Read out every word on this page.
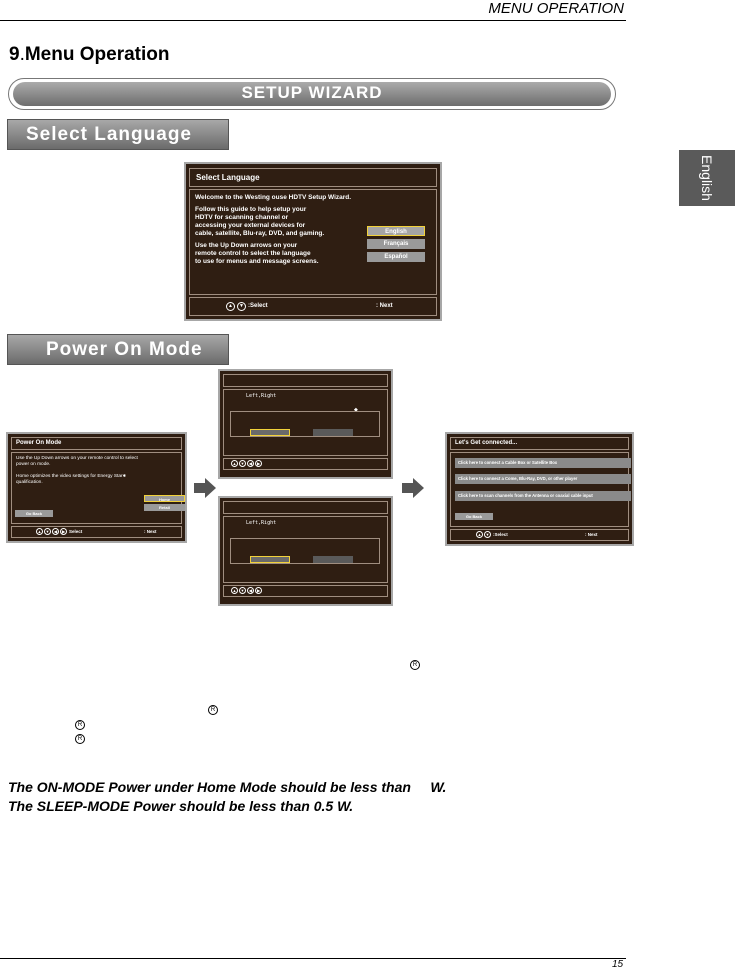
MENU OPERATION
15
English
9.Menu Operation
SETUP WIZARD
Select Language
Select Language

Welcome to the Westing ouse HDTV Setup Wizard.

Follow this guide to help setup your
HDTV for scanning channel or
accessing your external devices for
cable, satellite, Blu-ray, DVD, and gaming.
Use the Up Down arrows on your
remote control to select the language
to use for menus and message screens.
English
Français
Español
▲	▼ :Select	: Next
Power On Mode
Power On Mode
Use the Up Down arrows on your remote control to select
power on mode.
Home optimizes the video settings for Energy Star✱
qualification.
Home
Retail
Go Back
▲	▼	◀	▶ Select	: Next
Left,Right
◆
▲	▼	◀	▶
Left,Right
▲	▼	◀	▶
Let's Get connected...
Click here to connect a Cable Box or Satellite Box
Click here to connect a Come, Blu-Ray, DVD, or other player
Click here to scan channels from the Antenna or coaxial cable input
Go Back
▲	▼ :Select	: Next
R
R
R
R
The ON-MODE Power under Home Mode should be less than     W.
The SLEEP-MODE Power should be less than 0.5 W.
